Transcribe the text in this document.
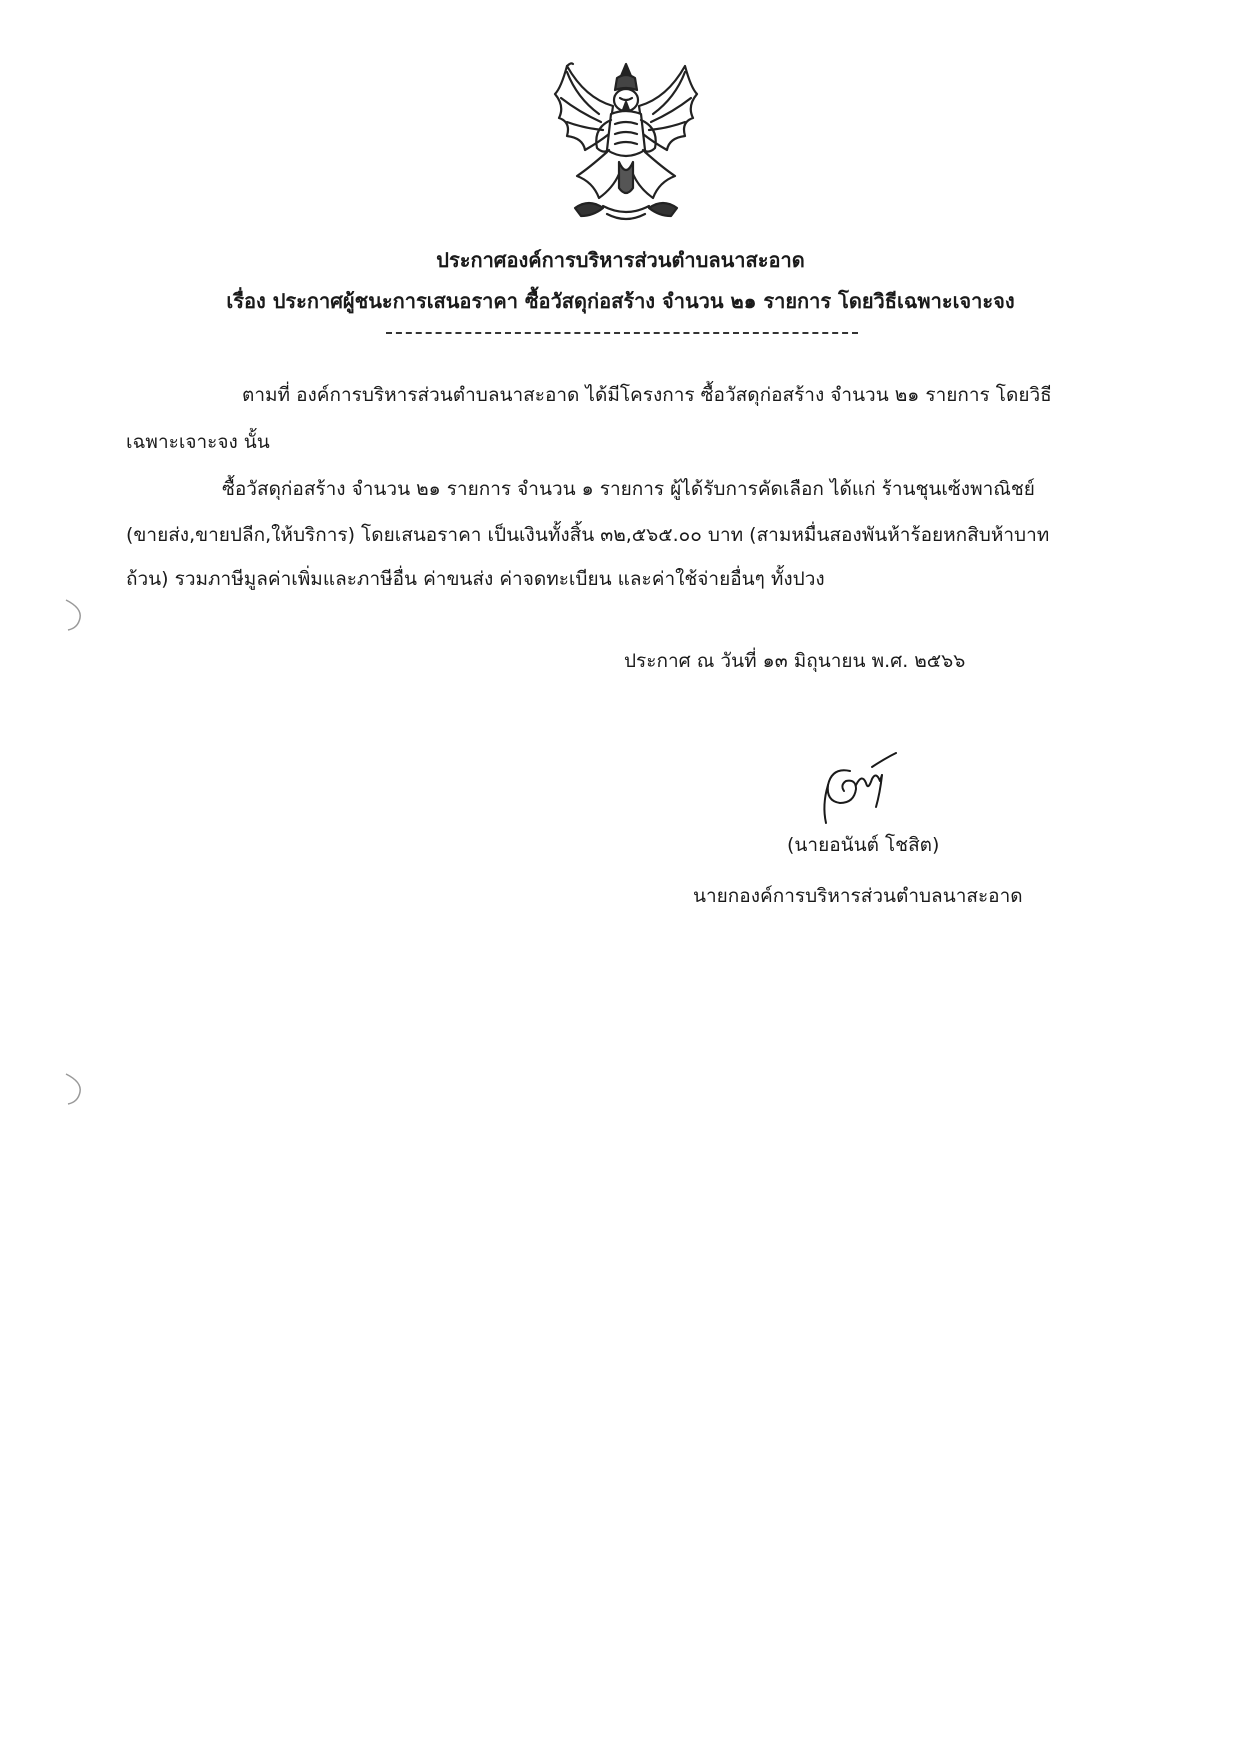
ประกาศองค์การบริหารส่วนตำบลนาสะอาด
เรื่อง ประกาศผู้ชนะการเสนอราคา ซื้อวัสดุก่อสร้าง จำนวน ๒๑ รายการ โดยวิธีเฉพาะเจาะจง
ตามที่ องค์การบริหารส่วนตำบลนาสะอาด ได้มีโครงการ ซื้อวัสดุก่อสร้าง จำนวน ๒๑ รายการ โดยวิธี
เฉพาะเจาะจง นั้น
ซื้อวัสดุก่อสร้าง จำนวน ๒๑ รายการ จำนวน ๑ รายการ ผู้ได้รับการคัดเลือก ได้แก่ ร้านชุนเซ้งพาณิชย์
(ขายส่ง,ขายปลีก,ให้บริการ) โดยเสนอราคา เป็นเงินทั้งสิ้น ๓๒,๕๖๕.๐๐ บาท (สามหมื่นสองพันห้าร้อยหกสิบห้าบาท
ถ้วน) รวมภาษีมูลค่าเพิ่มและภาษีอื่น ค่าขนส่ง ค่าจดทะเบียน และค่าใช้จ่ายอื่นๆ ทั้งปวง
ประกาศ ณ วันที่ ๑๓ มิถุนายน พ.ศ. ๒๕๖๖
(นายอนันต์ โชสิต)
นายกองค์การบริหารส่วนตำบลนาสะอาด
